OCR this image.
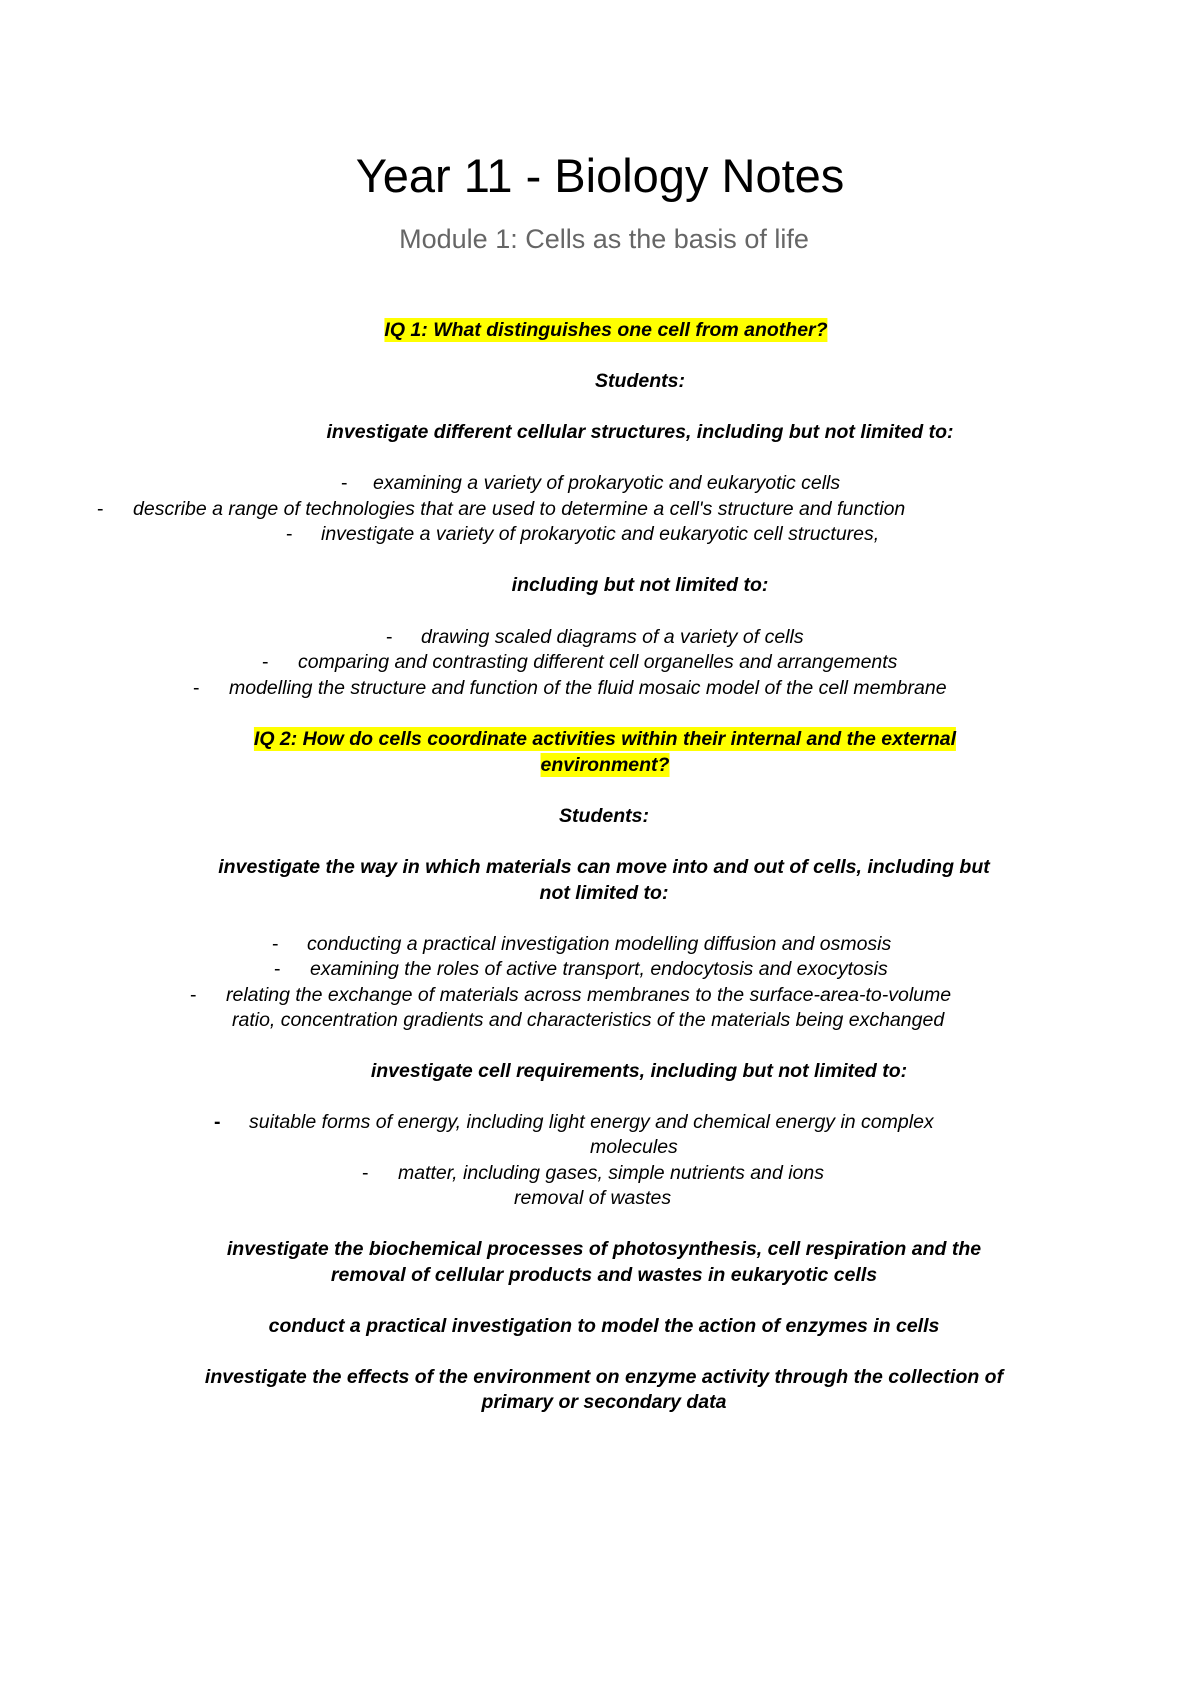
Year 11 - Biology Notes
Module 1: Cells as the basis of life
IQ 1: What distinguishes one cell from another?
Students:
investigate different cellular structures, including but not limited to:
- examining a variety of prokaryotic and eukaryotic cells
- describe a range of technologies that are used to determine a cell's structure and function
- investigate a variety of prokaryotic and eukaryotic cell structures,
including but not limited to:
- drawing scaled diagrams of a variety of cells
- comparing and contrasting different cell organelles and arrangements
- modelling the structure and function of the fluid mosaic model of the cell membrane
IQ 2: How do cells coordinate activities within their internal and the external
environment?
Students:
investigate the way in which materials can move into and out of cells, including but
not limited to:
- conducting a practical investigation modelling diffusion and osmosis
- examining the roles of active transport, endocytosis and exocytosis
- relating the exchange of materials across membranes to the surface-area-to-volume
ratio, concentration gradients and characteristics of the materials being exchanged
investigate cell requirements, including but not limited to:
- suitable forms of energy, including light energy and chemical energy in complex
molecules
- matter, including gases, simple nutrients and ions
removal of wastes
investigate the biochemical processes of photosynthesis, cell respiration and the
removal of cellular products and wastes in eukaryotic cells
conduct a practical investigation to model the action of enzymes in cells
investigate the effects of the environment on enzyme activity through the collection of
primary or secondary data
